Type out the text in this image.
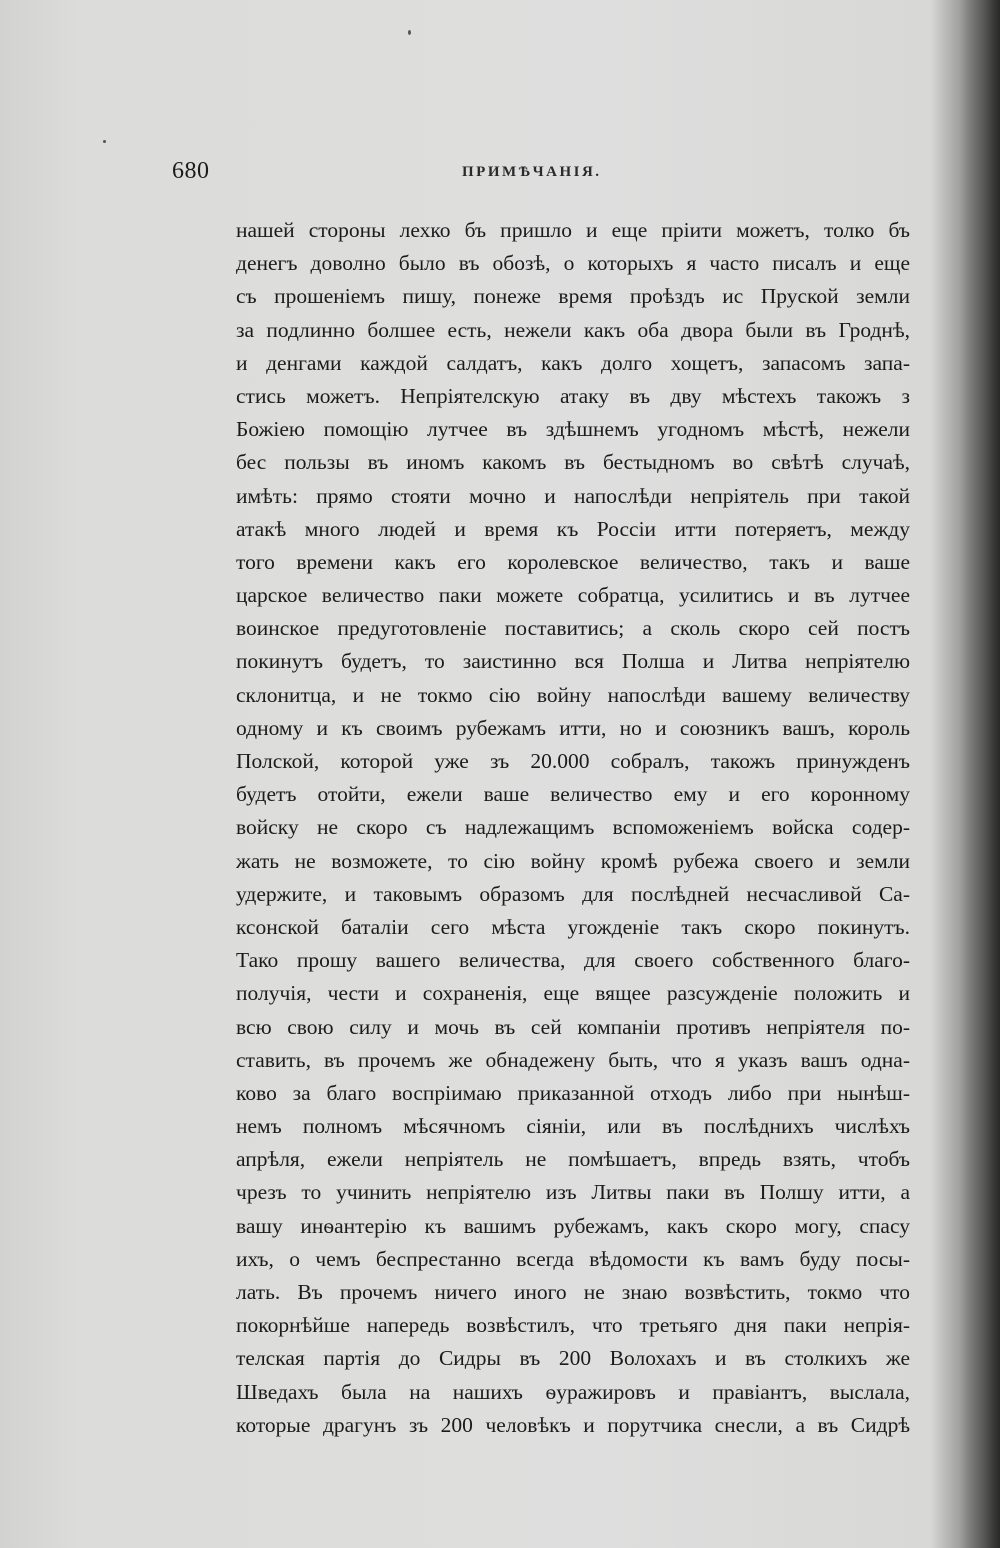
680	ПРИМѢЧАНІЯ.
нашей стороны лехко бъ пришло и еще пріити можетъ, толко бъ
денегъ доволно было въ обозѣ, о которыхъ я часто писалъ и еще
съ прошеніемъ пишу, понеже время проѣздъ ис Пруской земли
за подлинно болшее есть, нежели какъ оба двора были въ Гроднѣ,
и денгами каждой салдатъ, какъ долго хощетъ, запасомъ запа-
стись можетъ. Непріятелскую атаку въ дву мѣстехъ такожъ з
Божіею помощію лутчее въ здѣшнемъ угодномъ мѣстѣ, нежели
бес пользы въ иномъ какомъ въ бестыдномъ во свѣтѣ случаѣ,
имѣть: прямо стояти мочно и напослѣди непріятель при такой
атакѣ много людей и время къ Россіи итти потеряетъ, между
того времени какъ его королевское величество, такъ и ваше
царское величество паки можете собратца, усилитись и въ лутчее
воинское предуготовленіе поставитись; а сколь скоро сей постъ
покинутъ будетъ, то заистинно вся Полша и Литва непріятелю
склонитца, и не токмо сію войну напослѣди вашему величеству
одному и къ своимъ рубежамъ итти, но и союзникъ вашъ, король
Полской, которой уже зъ 20.000 собралъ, такожъ принужденъ
будетъ отойти, ежели ваше величество ему и его коронному
войску не скоро съ надлежащимъ вспоможеніемъ войска содер-
жать не возможете, то сію войну кромѣ рубежа своего и земли
удержите, и таковымъ образомъ для послѣдней несчасливой Са-
ксонской баталіи сего мѣста угожденіе такъ скоро покинутъ.
Тако прошу вашего величества, для своего собственного благо-
получія, чести и сохраненія, еще вящее разсужденіе положить и
всю свою силу и мочь въ сей компаніи противъ непріятеля по-
ставить, въ прочемъ же обнадежену быть, что я указъ вашъ одна-
ково за благо воспріимаю приказанной отходъ либо при нынѣш-
немъ полномъ мѣсячномъ сіяніи, или въ послѣднихъ числѣхъ
апрѣля, ежели непріятель не помѣшаетъ, впредь взять, чтобъ
чрезъ то учинить непріятелю изъ Литвы паки въ Полшу итти, а
вашу инѳантерію къ вашимъ рубежамъ, какъ скоро могу, спасу
ихъ, о чемъ беспрестанно всегда вѣдомости къ вамъ буду посы-
лать. Въ прочемъ ничего иного не знаю возвѣстить, токмо что
покорнѣйше напередь возвѣстилъ, что третьяго дня паки непрія-
телская партія до Сидры въ 200 Волохахъ и въ столкихъ же
Шведахъ была на нашихъ ѳуражировъ и правіантъ, выслала,
которые драгунъ зъ 200 человѣкъ и порутчика снесли, а въ Сидрѣ
